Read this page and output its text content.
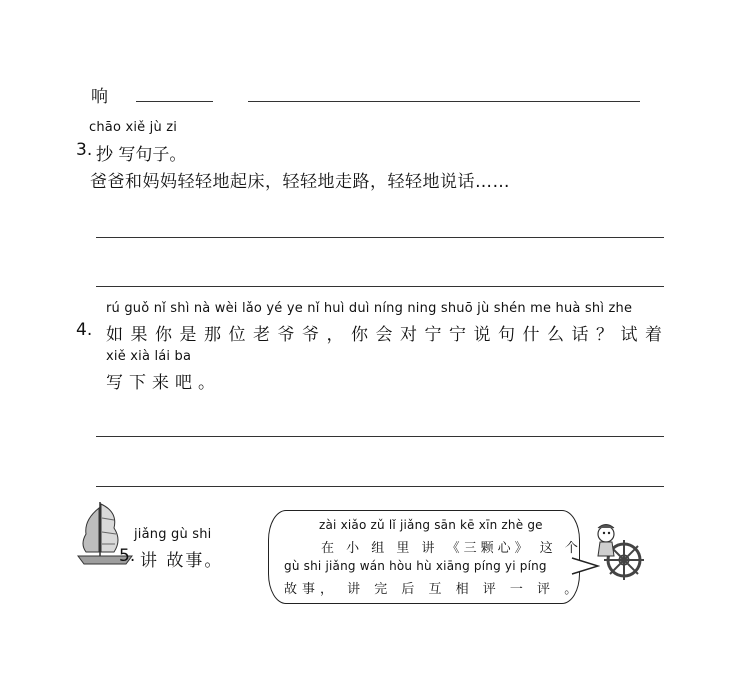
响
chāo xiě jù zi
3. 抄 写句子。
爸爸和妈妈轻轻地起床，轻轻地走路，轻轻地说话……
rú guǒ nǐ shì nà wèi lǎo yé ye nǐ huì duì níng ning shuō jù shén me huà shì zhe
4. 如果你是那位老爷爷，你会对宁宁说句什么话？试着
xiě xià lái ba
写下来吧。
jiǎng gù shi
5. 讲 故事。
zài xiǎo zǔ lǐ jiǎng sān kē xīn zhè ge
在 小 组 里 讲 《三颗心》 这 个
gù shi jiǎng wán hòu hù xiāng píng yi píng
故事， 讲 完 后 互 相 评 一 评 。
